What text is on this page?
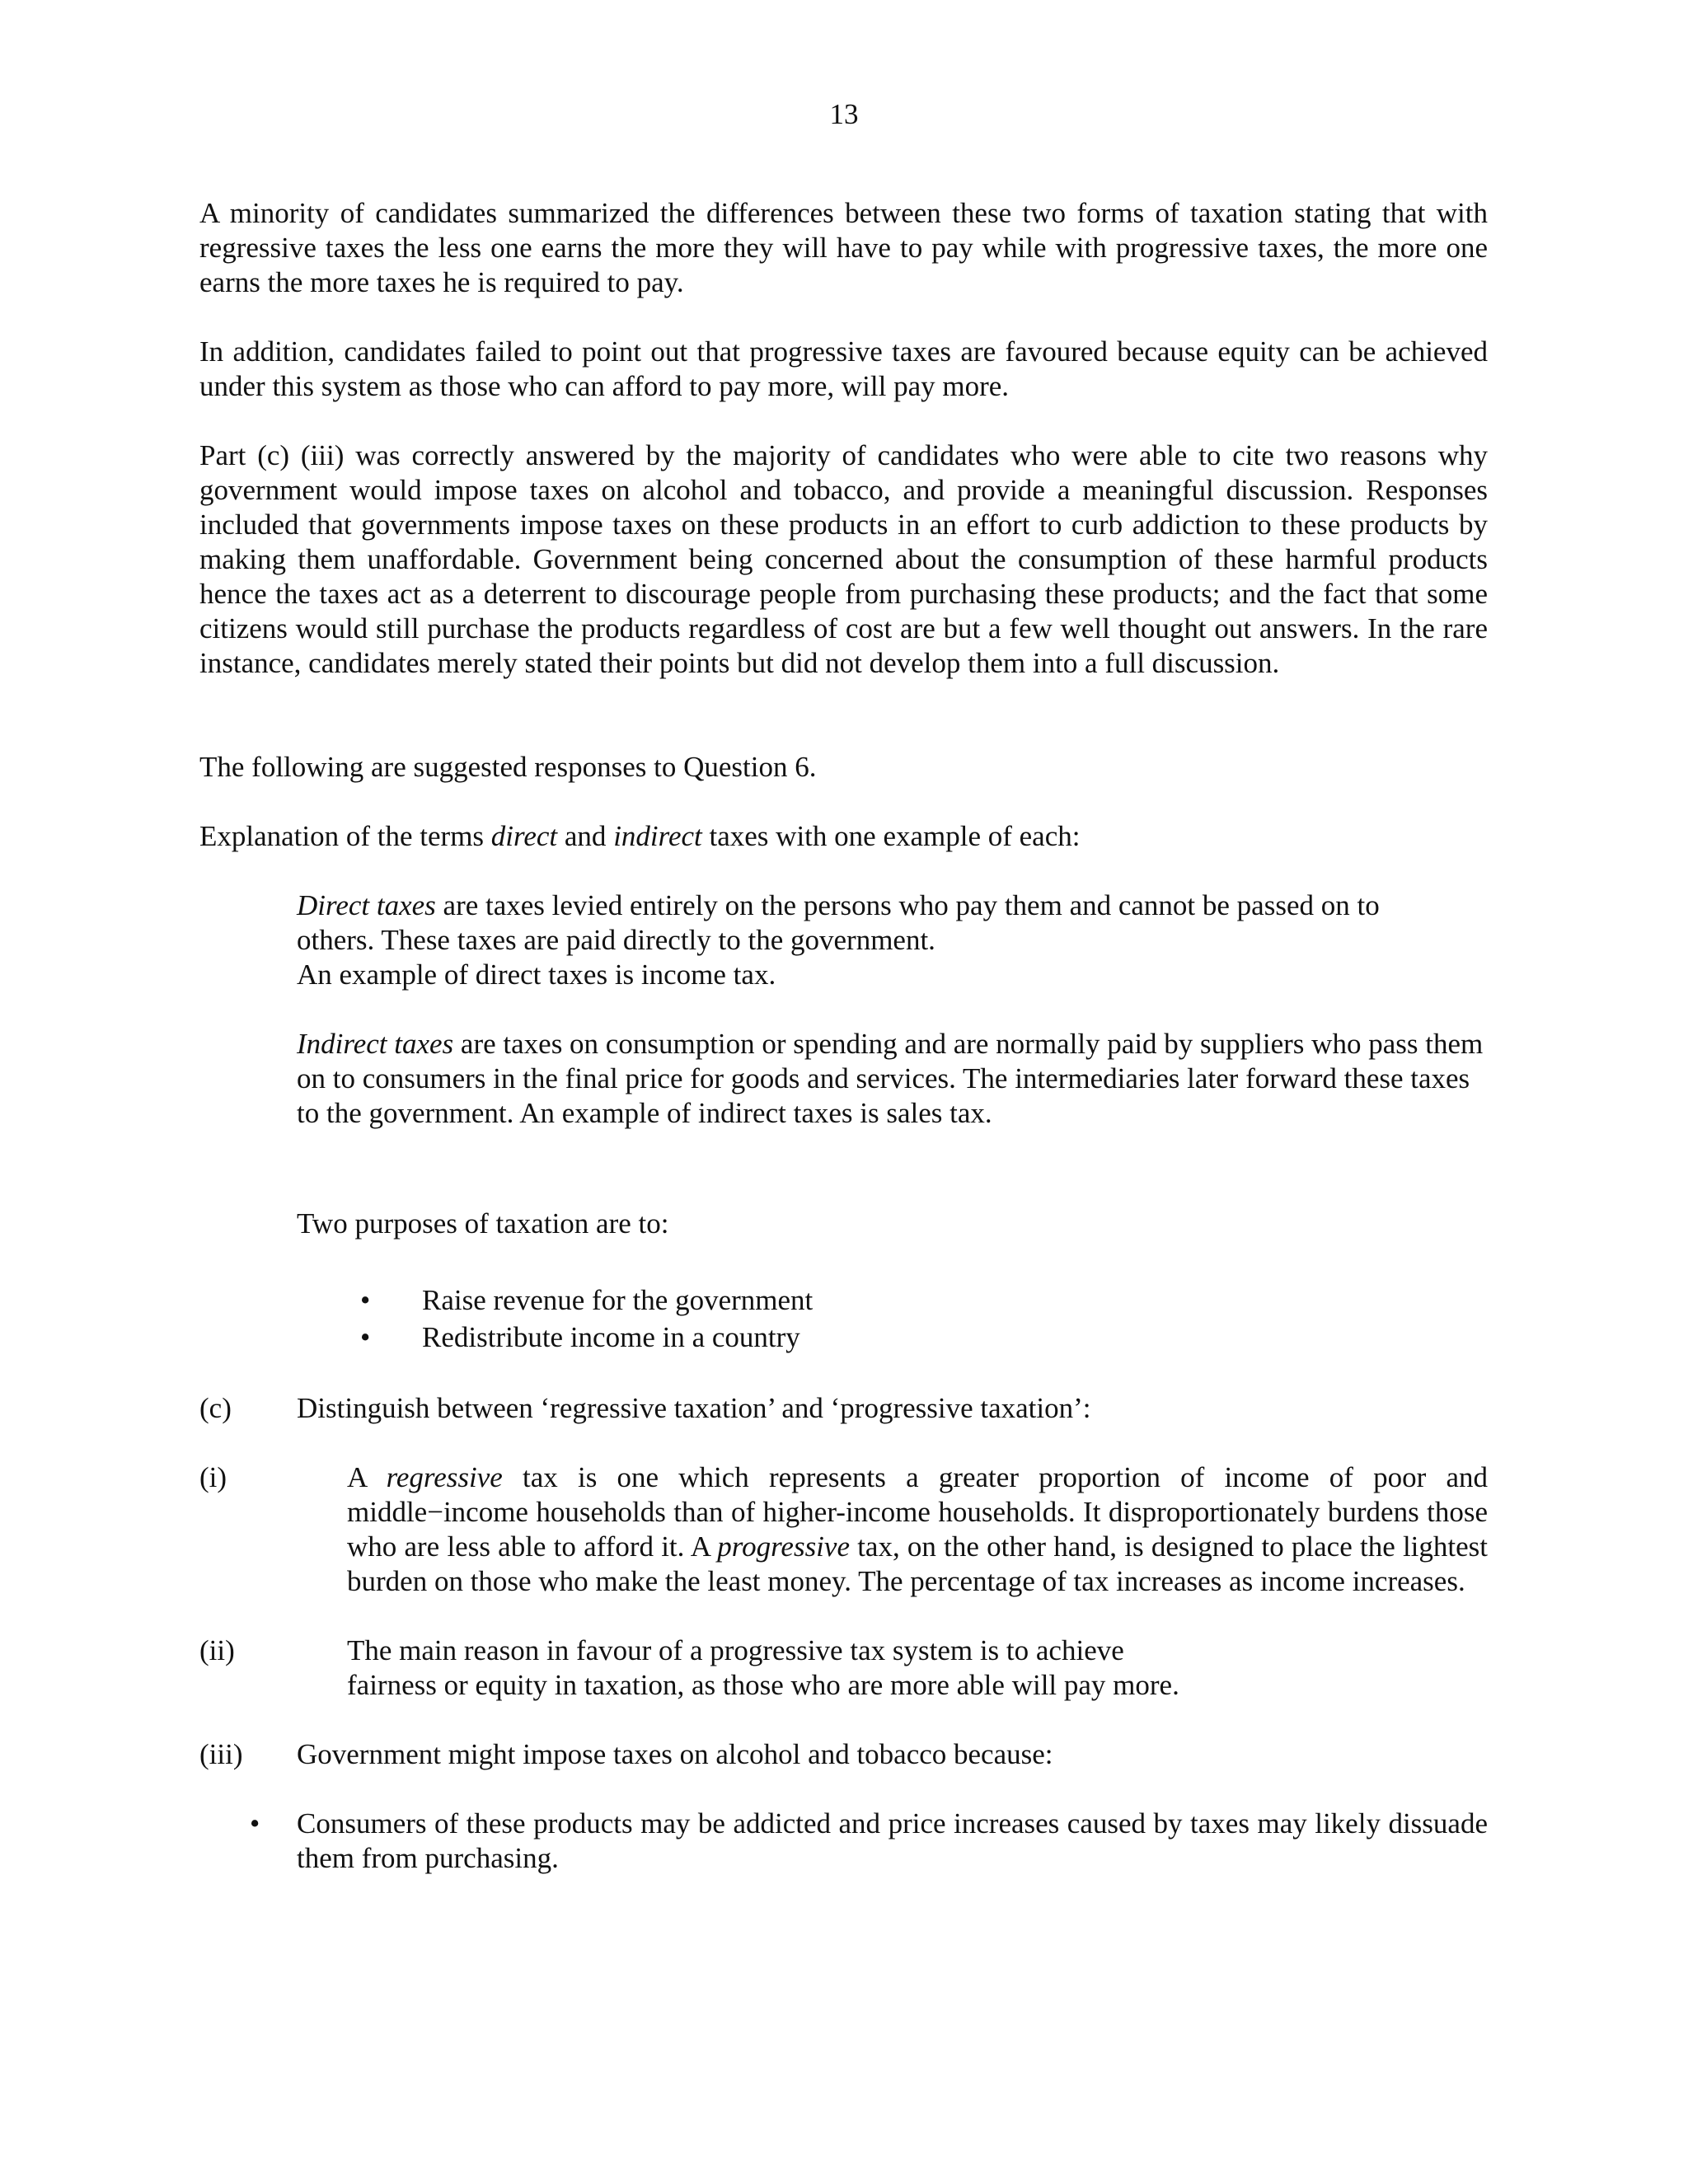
13

A minority of candidates summarized the differences between these two forms of taxation stating that with regressive taxes the less one earns the more they will have to pay while with progressive taxes, the more one earns the more taxes he is required to pay.

In addition, candidates failed to point out that progressive taxes are favoured because equity can be achieved under this system as those who can afford to pay more, will pay more.

Part (c) (iii) was correctly answered by the majority of candidates who were able to cite two reasons why government would impose taxes on alcohol and tobacco, and provide a meaningful discussion. Responses included that governments impose taxes on these products in an effort to curb addiction to these products by making them unaffordable. Government being concerned about the consumption of these harmful products hence the taxes act as a deterrent to discourage people from purchasing these products; and the fact that some citizens would still purchase the products regardless of cost are but a few well thought out answers. In the rare instance, candidates merely stated their points but did not develop them into a full discussion.

The following are suggested responses to Question 6.

Explanation of the terms direct and indirect taxes with one example of each:

Direct taxes are taxes levied entirely on the persons who pay them and cannot be passed on to others. These taxes are paid directly to the government.

An example of direct taxes is income tax.

Indirect taxes are taxes on consumption or spending and are normally paid by suppliers who pass them on to consumers in the final price for goods and services. The intermediaries later forward these taxes to the government. An example of indirect taxes is sales tax.

Two purposes of taxation are to:

• Raise revenue for the government
• Redistribute income in a country
(c) Distinguish between ‘regressive taxation’ and ‘progressive taxation’:
(i)	A regressive tax is one which represents a greater proportion of income of poor and middle−income households than of higher-income households. It disproportionately burdens those who are less able to afford it. A progressive tax, on the other hand, is designed to place the lightest burden on those who make the least money. The percentage of tax increases as income increases.

(ii)	The main reason in favour of a progressive tax system is to achieve
fairness or equity in taxation, as those who are more able will pay more.
(iii) Government might impose taxes on alcohol and tobacco because:
• Consumers of these products may be addicted and price increases caused by taxes may likely dissuade them from purchasing.
